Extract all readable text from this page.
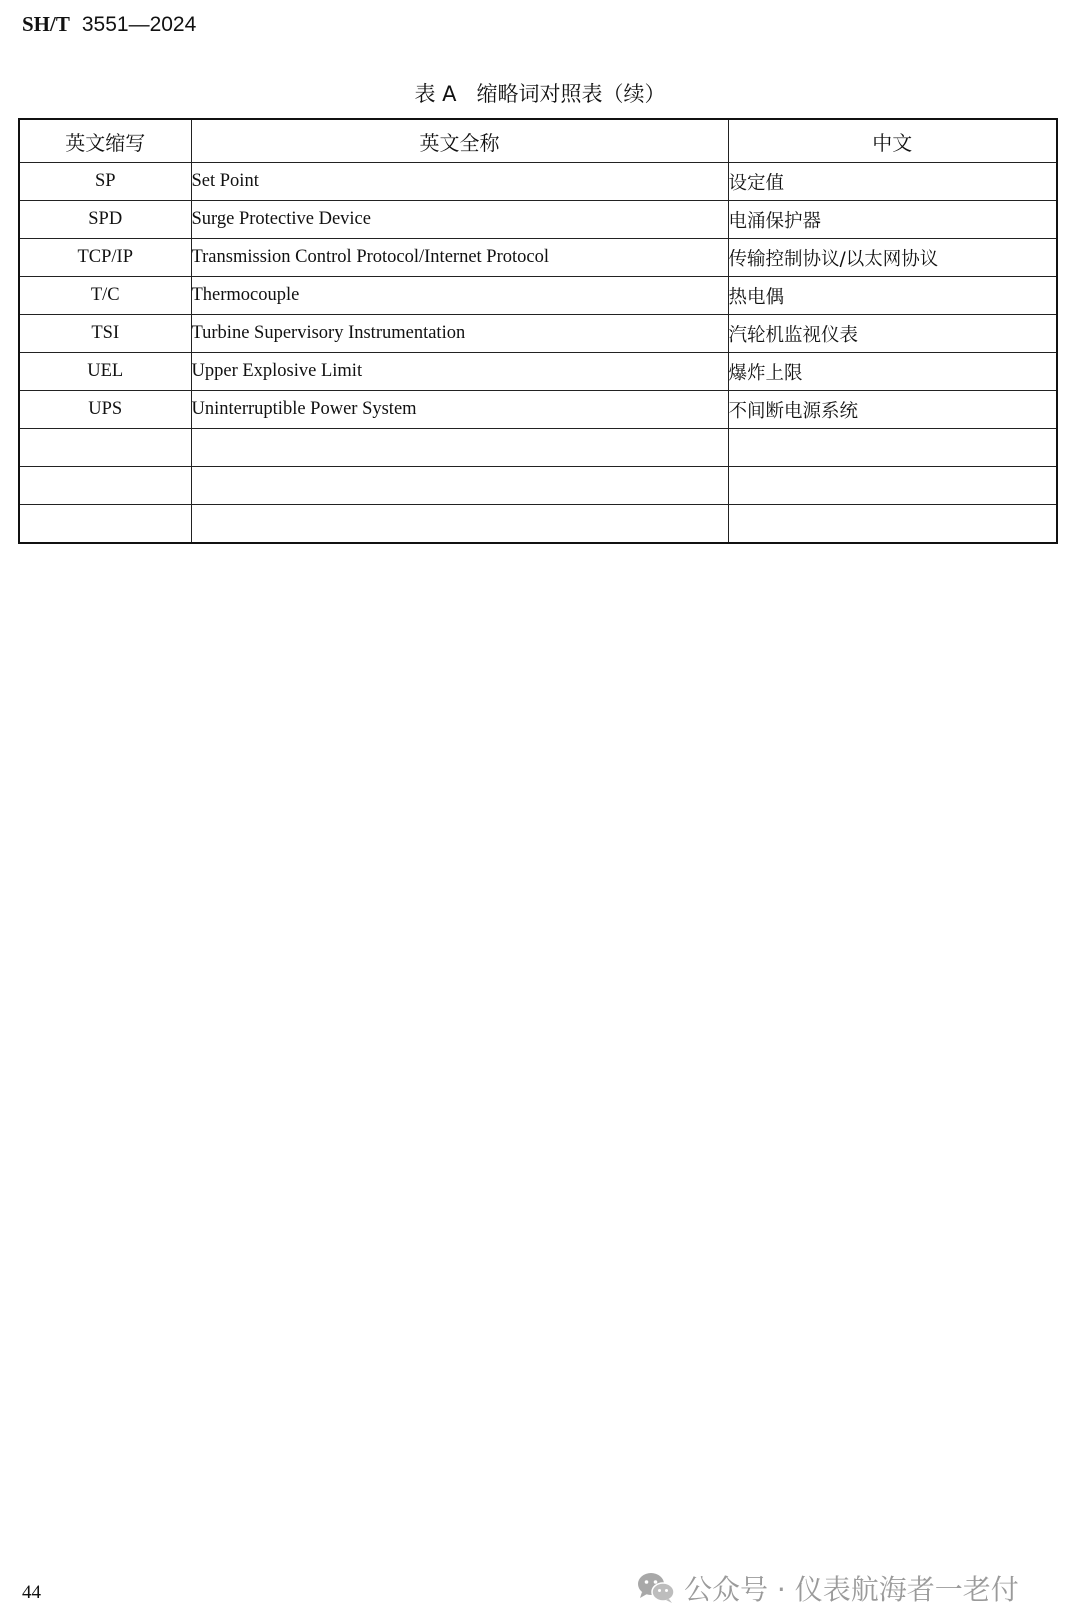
SH/T 3551—2024
表 A 缩略词对照表（续）
英文缩写	英文全称	中文
SP	Set Point	设定值
SPD	Surge Protective Device	电涌保护器
TCP/IP	Transmission Control Protocol/Internet Protocol	传输控制协议/以太网协议
T/C	Thermocouple	热电偶
TSI	Turbine Supervisory Instrumentation	汽轮机监视仪表
UEL	Upper Explosive Limit	爆炸上限
UPS	Uninterruptible Power System	不间断电源系统

44	公众号 · 仪表航海者一老付
